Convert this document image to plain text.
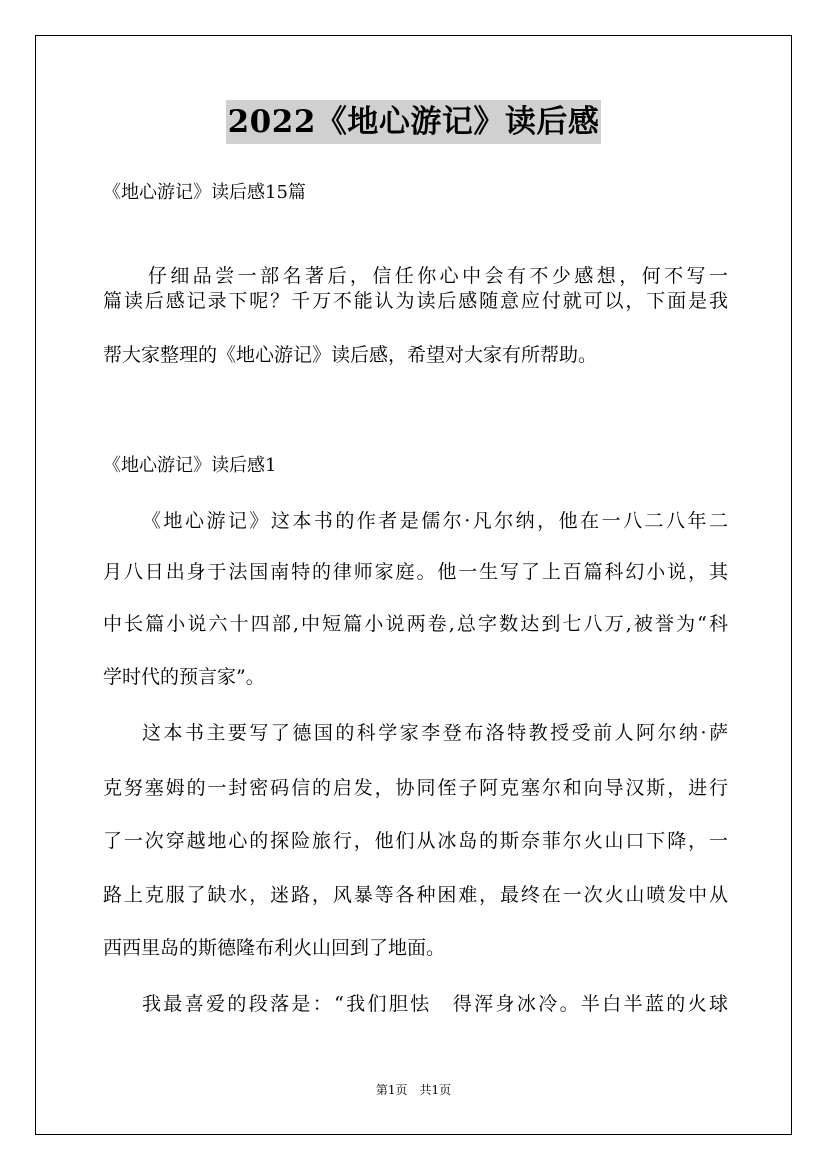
2022《地心游记》读后感
《地心游记》读后感15篇
　　仔细品尝一部名著后，信任你心中会有不少感想，何不写一
篇读后感记录下呢？千万不能认为读后感随意应付就可以，下面是我
帮大家整理的《地心游记》读后感，希望对大家有所帮助。
《地心游记》读后感1
《地心游记》这本书的作者是儒尔·凡尔纳，他在一八二八年二
月八日出身于法国南特的律师家庭。他一生写了上百篇科幻小说，其
中长篇小说六十四部,中短篇小说两卷,总字数达到七八万,被誉为“科
学时代的预言家”。
这本书主要写了德国的科学家李登布洛特教授受前人阿尔纳·萨
克努塞姆的一封密码信的启发，协同侄子阿克塞尔和向导汉斯，进行
了一次穿越地心的探险旅行，他们从冰岛的斯奈菲尔火山口下降，一
路上克服了缺水，迷路，风暴等各种困难，最终在一次火山喷发中从
西西里岛的斯德隆布利火山回到了地面。
我最喜爱的段落是：“我们胆怯　得浑身冰冷。半白半蓝的火球
第1页　共1页
